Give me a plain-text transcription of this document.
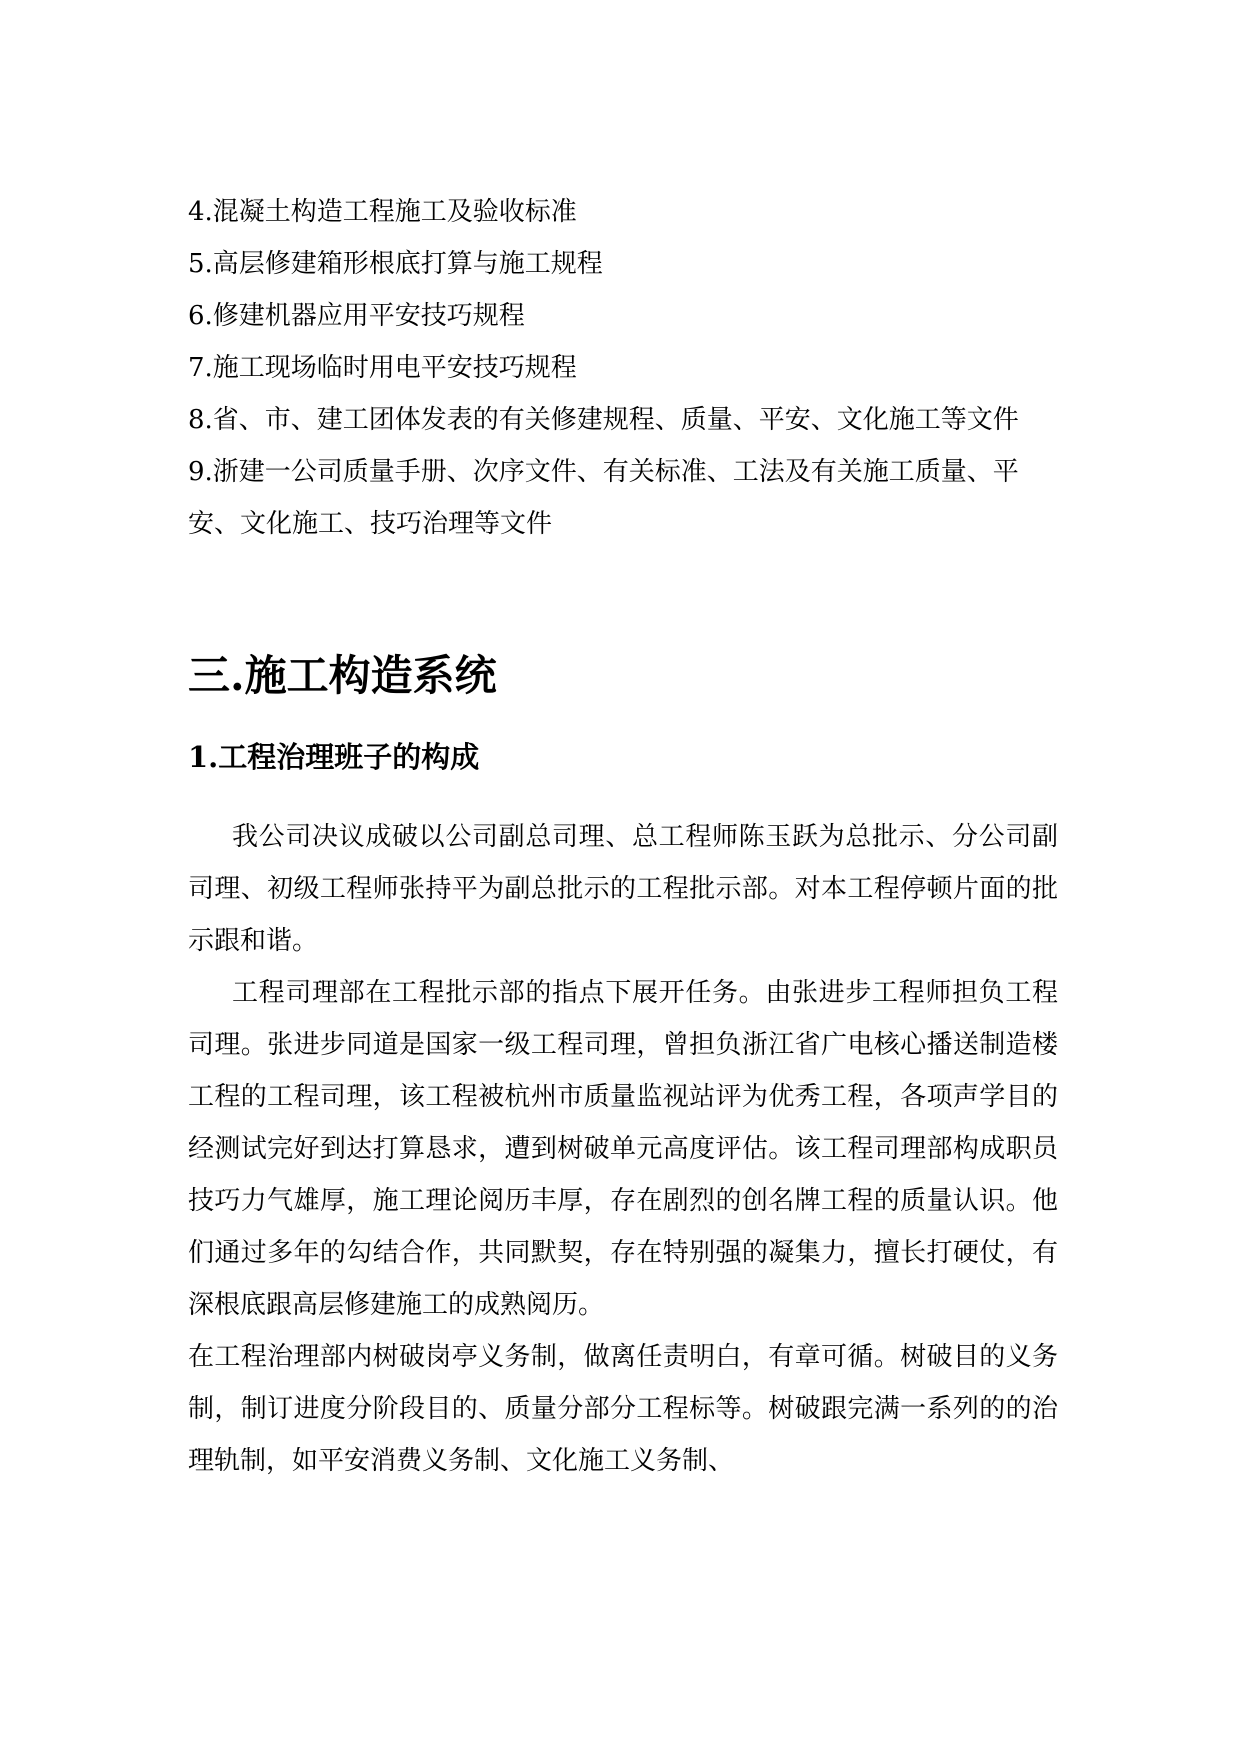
4.混凝土构造工程施工及验收标准

5.高层修建箱形根底打算与施工规程

6.修建机器应用平安技巧规程

7.施工现场临时用电平安技巧规程

8.省、市、建工团体发表的有关修建规程、质量、平安、文化施工等文件

9.浙建一公司质量手册、次序文件、有关标准、工法及有关施工质量、平安、文化施工、技巧治理等文件

三.施工构造系统
1.工程治理班子的构成

我公司决议成破以公司副总司理、总工程师陈玉跃为总批示、分公司副司理、初级工程师张持平为副总批示的工程批示部。对本工程停顿片面的批示跟和谐。

工程司理部在工程批示部的指点下展开任务。由张进步工程师担负工程司理。张进步同道是国家一级工程司理，曾担负浙江省广电核心播送制造楼工程的工程司理，该工程被杭州市质量监视站评为优秀工程，各项声学目的经测试完好到达打算恳求，遭到树破单元高度评估。该工程司理部构成职员技巧力气雄厚，施工理论阅历丰厚，存在剧烈的创名牌工程的质量认识。他们通过多年的勾结合作，共同默契，存在特别强的凝集力，擅长打硬仗，有深根底跟高层修建施工的成熟阅历。

在工程治理部内树破岗亭义务制，做离任责明白，有章可循。树破目的义务制，制订进度分阶段目的、质量分部分工程标等。树破跟完满一系列的的治理轨制，如平安消费义务制、文化施工义务制、
